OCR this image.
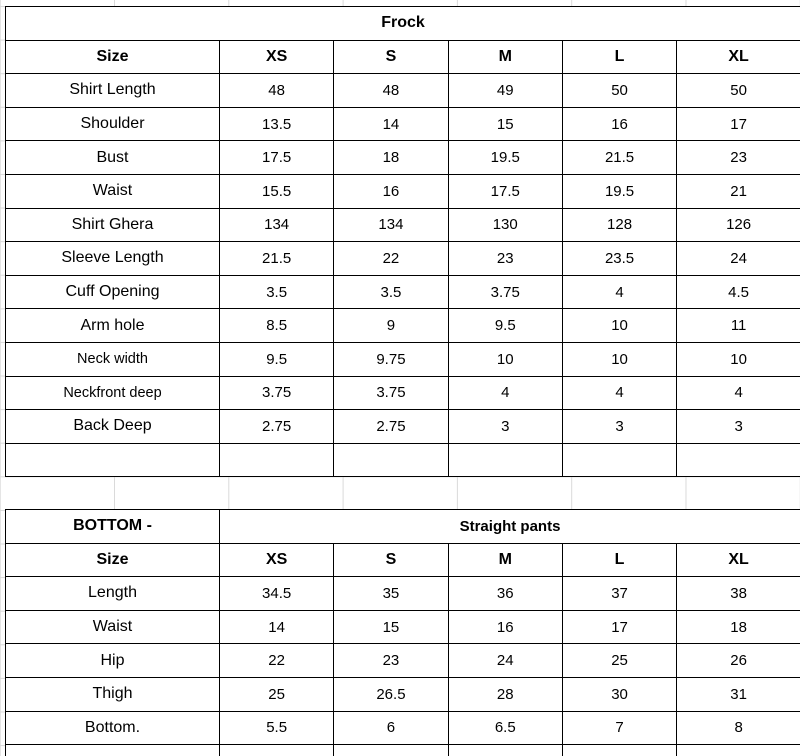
Frock					
Size	XS	S	M	L	XL
Shirt Length	48	48	49	50	50
Shoulder	13.5	14	15	16	17
Bust	17.5	18	19.5	21.5	23
Waist	15.5	16	17.5	19.5	21
Shirt Ghera	134	134	130	128	126
Sleeve Length	21.5	22	23	23.5	24
Cuff Opening	3.5	3.5	3.75	4	4.5
Arm hole	8.5	9	9.5	10	11
Neck width	9.5	9.75	10	10	10
Neckfront deep	3.75	3.75	4	4	4
Back Deep	2.75	2.75	3	3	3

BOTTOM -	Straight pants				
Size	XS	S	M	L	XL
Length	34.5	35	36	37	38
Waist	14	15	16	17	18
Hip	22	23	24	25	26
Thigh	25	26.5	28	30	31
Bottom.	5.5	6	6.5	7	8
